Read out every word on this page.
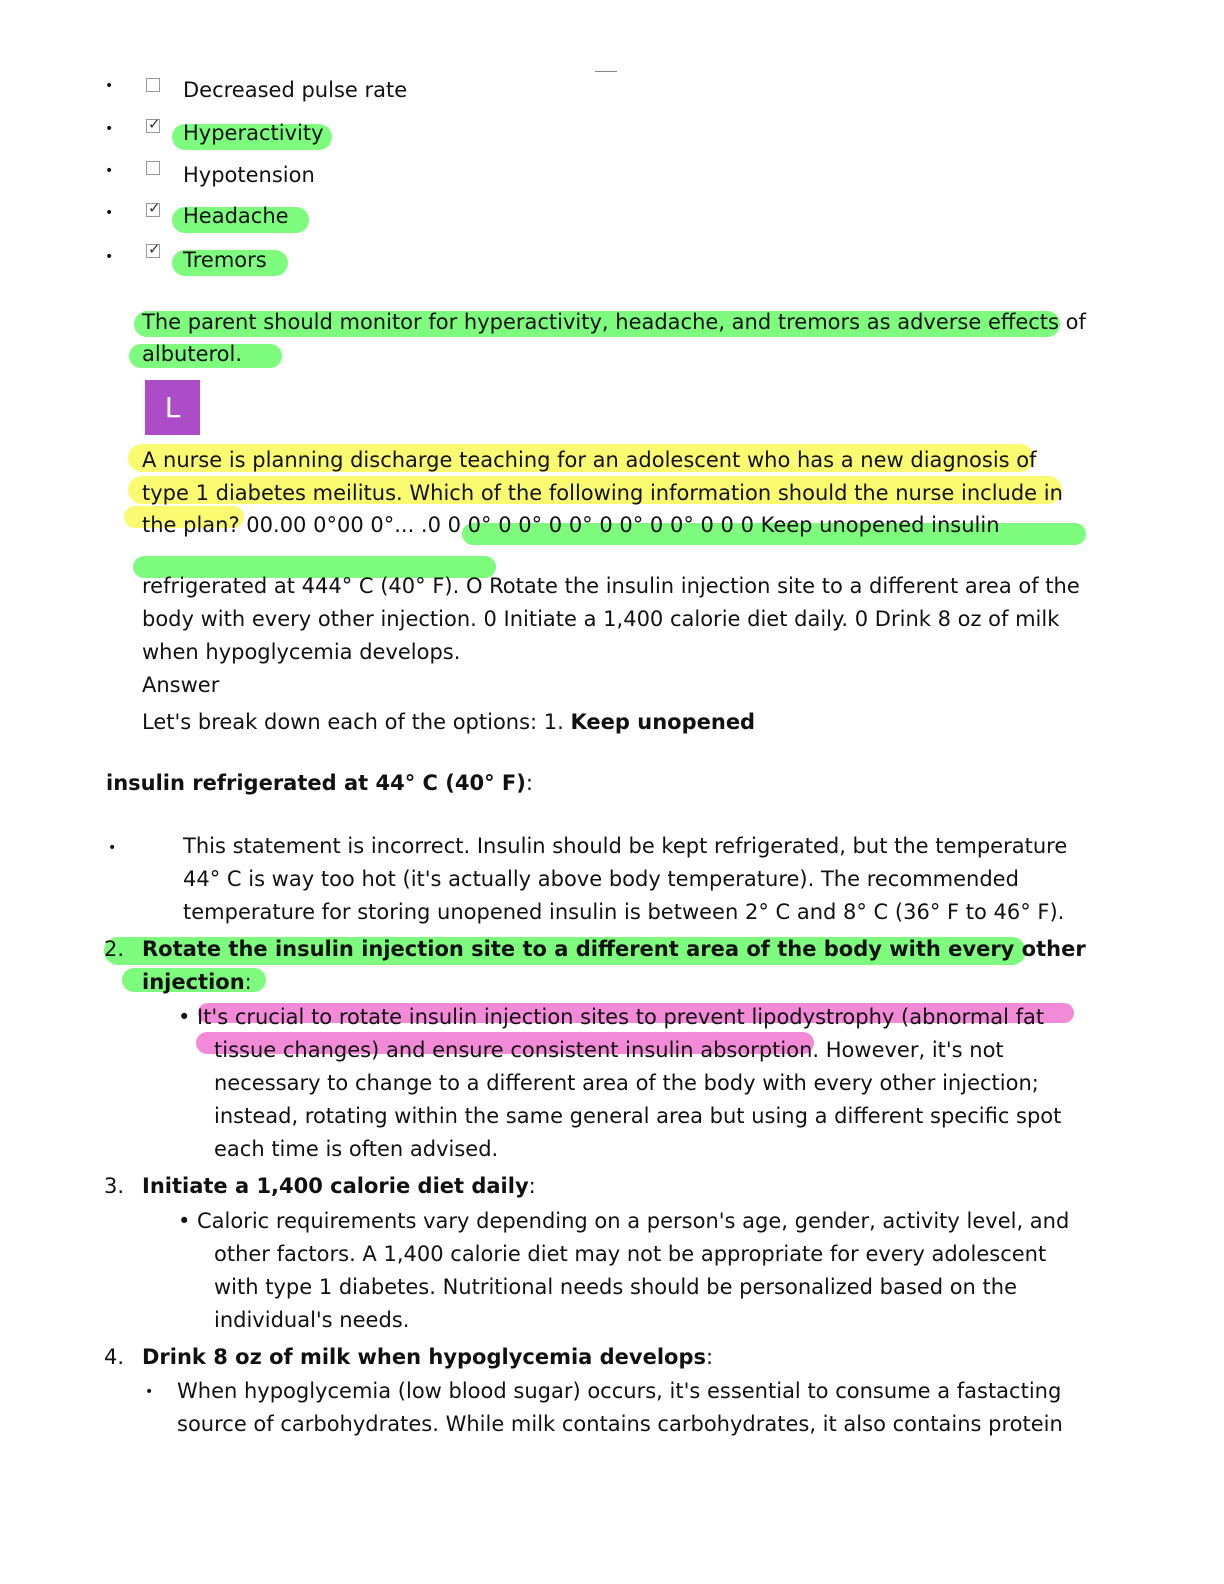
•	Decreased pulse rate
• ✓ Hyperactivity
•	Hypotension
• ✓ Headache
• ✓ Tremors
The parent should monitor for hyperactivity, headache, and tremors as adverse effects of
albuterol.
L
A nurse is planning discharge teaching for an adolescent who has a new diagnosis of
type 1 diabetes meilitus. Which of the following information should the nurse include in
the plan? 00.00 0°00 0°... .0 0 0° 0 0° 0 0° 0 0° 0 0° 0 0 0 Keep unopened insulin
refrigerated at 444° C (40° F). O Rotate the insulin injection site to a different area of the
body with every other injection. 0 Initiate a 1,400 calorie diet daily. 0 Drink 8 oz of milk
when hypoglycemia develops.
Answer
Let's break down each of the options: 1. Keep unopened
insulin refrigerated at 44° C (40° F):
•	This statement is incorrect. Insulin should be kept refrigerated, but the temperature
44° C is way too hot (it's actually above body temperature). The recommended
temperature for storing unopened insulin is between 2° C and 8° C (36° F to 46° F).
2. Rotate the insulin injection site to a different area of the body with every other
injection:
• It's crucial to rotate insulin injection sites to prevent lipodystrophy (abnormal fat
tissue changes) and ensure consistent insulin absorption. However, it's not
necessary to change to a different area of the body with every other injection;
instead, rotating within the same general area but using a different specific spot
each time is often advised.
3. Initiate a 1,400 calorie diet daily:
• Caloric requirements vary depending on a person's age, gender, activity level, and
other factors. A 1,400 calorie diet may not be appropriate for every adolescent
with type 1 diabetes. Nutritional needs should be personalized based on the
individual's needs.
4. Drink 8 oz of milk when hypoglycemia develops:
• When hypoglycemia (low blood sugar) occurs, it's essential to consume a fastacting
source of carbohydrates. While milk contains carbohydrates, it also contains protein
